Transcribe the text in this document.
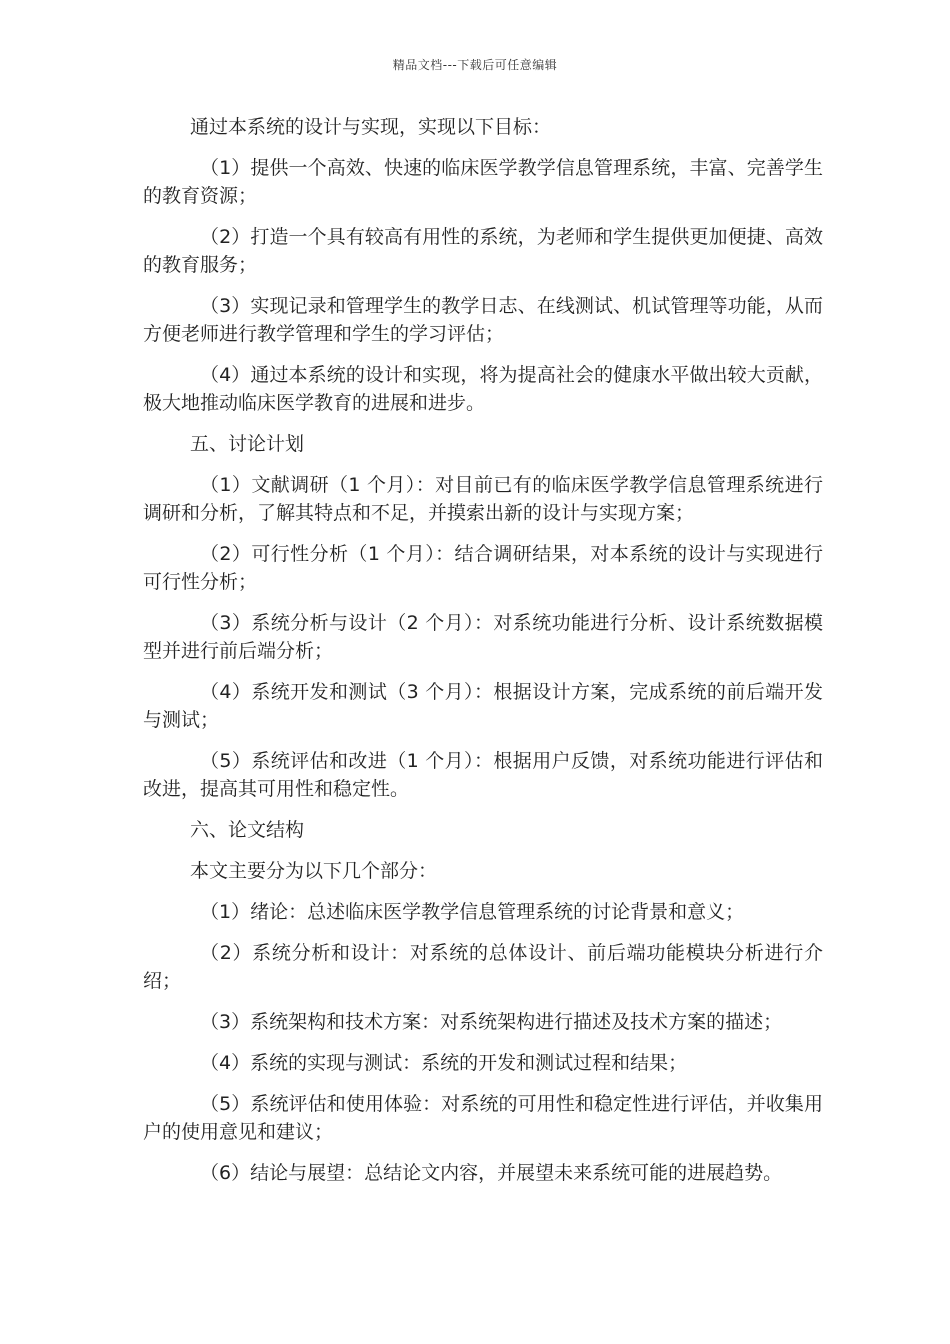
精品文档---下载后可任意编辑

通过本系统的设计与实现，实现以下目标：

（1）提供一个高效、快速的临床医学教学信息管理系统，丰富、完善学生的教育资源；

（2）打造一个具有较高有用性的系统，为老师和学生提供更加便捷、高效的教育服务；

（3）实现记录和管理学生的教学日志、在线测试、机试管理等功能，从而方便老师进行教学管理和学生的学习评估；

（4）通过本系统的设计和实现，将为提高社会的健康水平做出较大贡献，极大地推动临床医学教育的进展和进步。

五、讨论计划

（1）文献调研（1 个月）：对目前已有的临床医学教学信息管理系统进行调研和分析，了解其特点和不足，并摸索出新的设计与实现方案；

（2）可行性分析（1 个月）：结合调研结果，对本系统的设计与实现进行可行性分析；

（3）系统分析与设计（2 个月）：对系统功能进行分析、设计系统数据模型并进行前后端分析；

（4）系统开发和测试（3 个月）：根据设计方案，完成系统的前后端开发与测试；

（5）系统评估和改进（1 个月）：根据用户反馈，对系统功能进行评估和改进，提高其可用性和稳定性。

六、论文结构

本文主要分为以下几个部分：

（1）绪论：总述临床医学教学信息管理系统的讨论背景和意义；

（2）系统分析和设计：对系统的总体设计、前后端功能模块分析进行介绍；

（3）系统架构和技术方案：对系统架构进行描述及技术方案的描述；

（4）系统的实现与测试：系统的开发和测试过程和结果；

（5）系统评估和使用体验：对系统的可用性和稳定性进行评估，并收集用户的使用意见和建议；

（6）结论与展望：总结论文内容，并展望未来系统可能的进展趋势。
